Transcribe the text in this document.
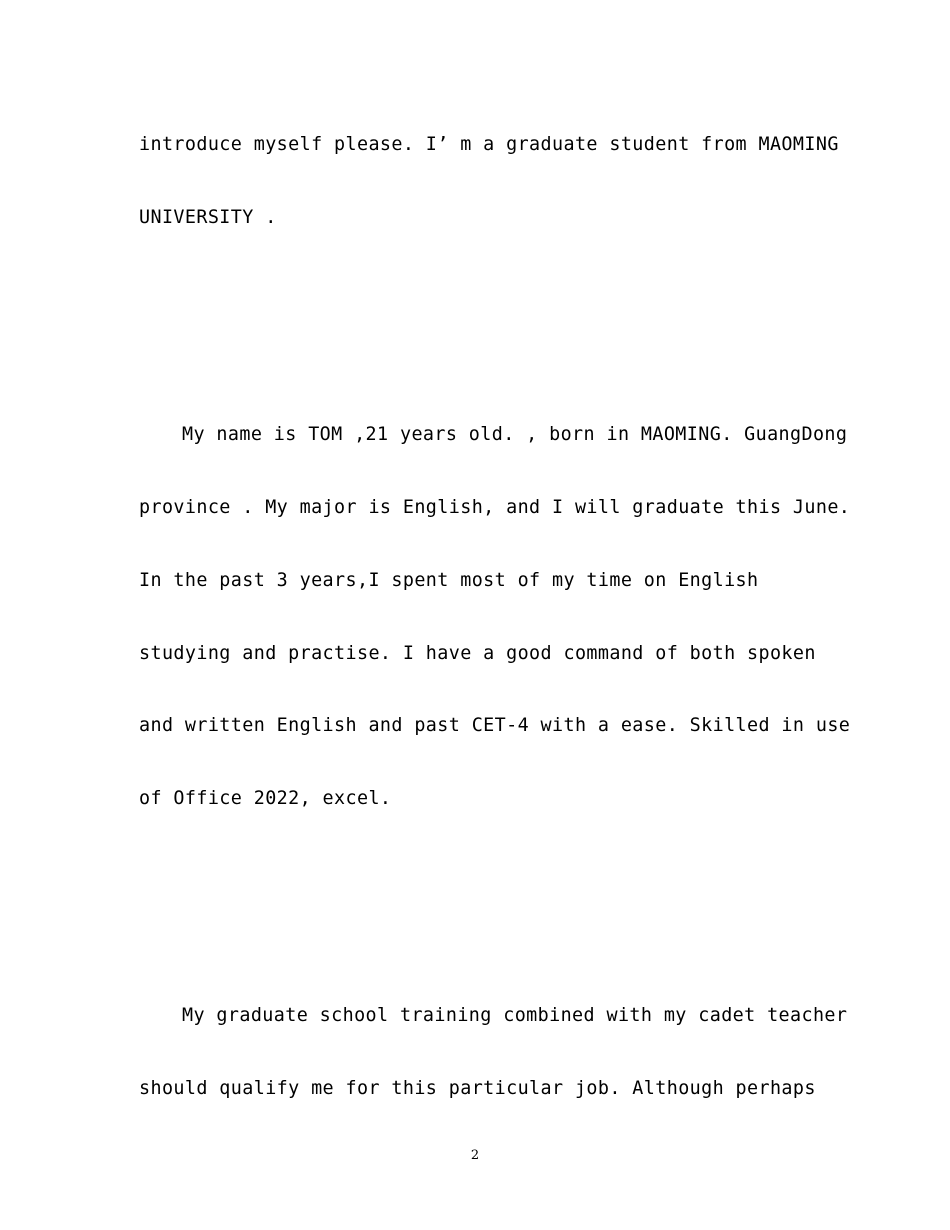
introduce myself please. I’ m a graduate student from MAOMING
UNIVERSITY .
My name is TOM ,21 years old. , born in MAOMING. GuangDong
province . My major is English, and I will graduate this June.
In the past 3 years,I spent most of my time on English
studying and practise. I have a good command of both spoken
and written English and past CET-4 with a ease. Skilled in use
of Office 2022, excel.
My graduate school training combined with my cadet teacher
should qualify me for this particular job. Although perhaps
2
